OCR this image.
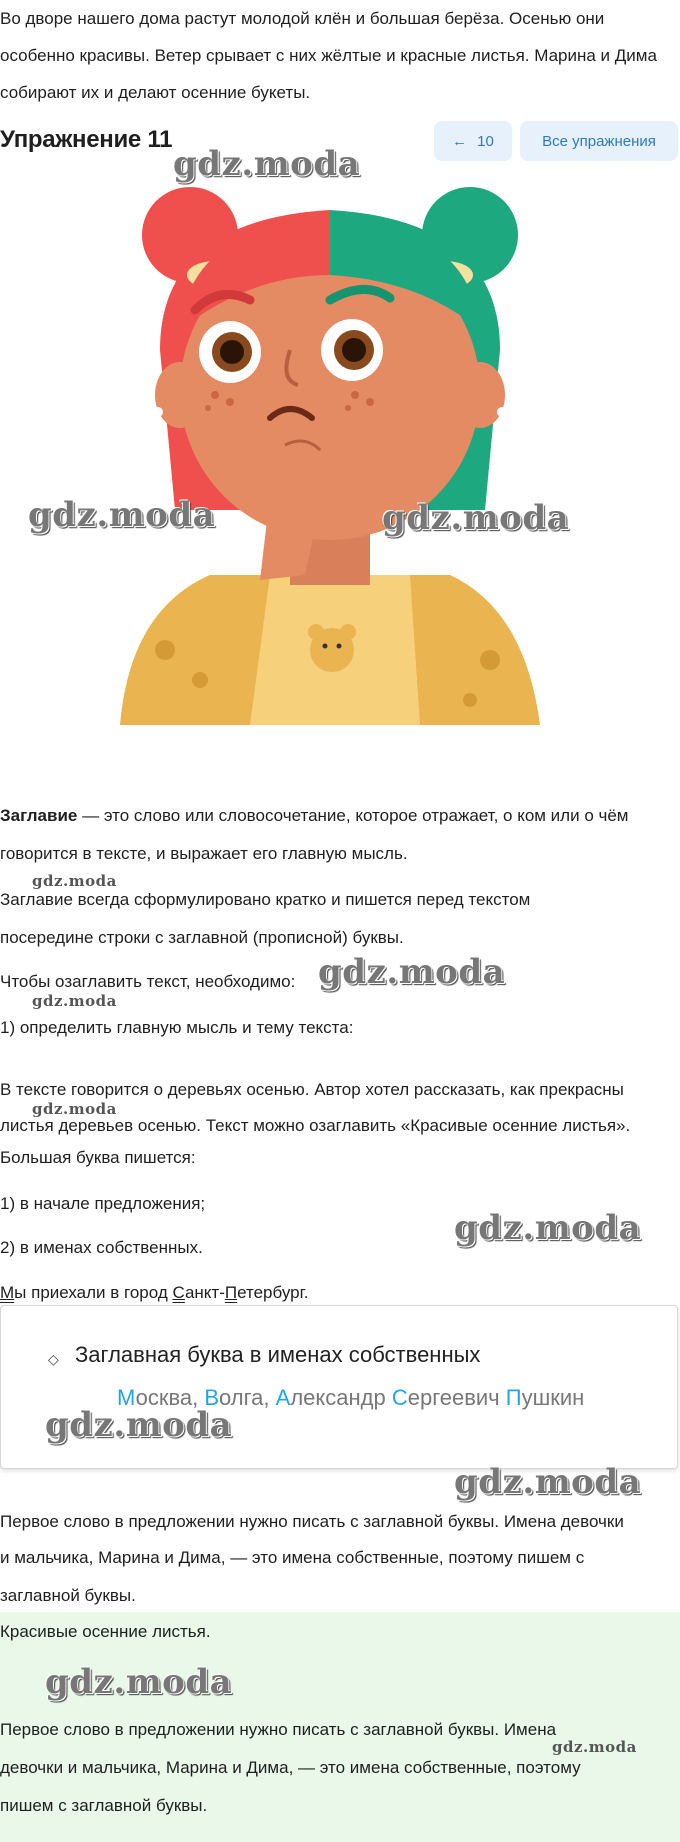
Во дворе нашего дома растут молодой клён и большая берёза. Осенью они особенно красивы. Ветер срывает с них жёлтые и красные листья. Марина и Дима собирают их и делают осенние букеты.

Упражнение 11	← 10	Все упражнения
gdz.moda
gdz.moda	gdz.moda
Заглавие — это слово или словосочетание, которое отражает, о ком или о чём
говорится в тексте, и выражает его главную мысль.
gdz.moda
Заглавие всегда сформулировано кратко и пишется перед текстом
посередине строки с заглавной (прописной) буквы.
Чтобы озаглавить текст, необходимо: gdz.moda
gdz.moda
1) определить главную мысль и тему текста:
В тексте говорится о деревьях осенью. Автор хотел рассказать, как прекрасны
gdz.moda
листья деревьев осенью. Текст можно озаглавить «Красивые осенние листья».
Большая буква пишется:
1) в начале предложения;
2) в именах собственных.	gdz.moda
Мы приехали в город Санкт-Петербург.
◇ Заглавная буква в именах собственных
Москва, Волга, Александр Сергеевич Пушкин
gdz.moda
gdz.moda
Первое слово в предложении нужно писать с заглавной буквы. Имена девочки
и мальчика, Марина и Дима, — это имена собственные, поэтому пишем с
заглавной буквы.
Красивые осенние листья.
gdz.moda
Первое слово в предложении нужно писать с заглавной буквы. Имена
gdz.moda
девочки и мальчика, Марина и Дима, — это имена собственные, поэтому
пишем с заглавной буквы.
